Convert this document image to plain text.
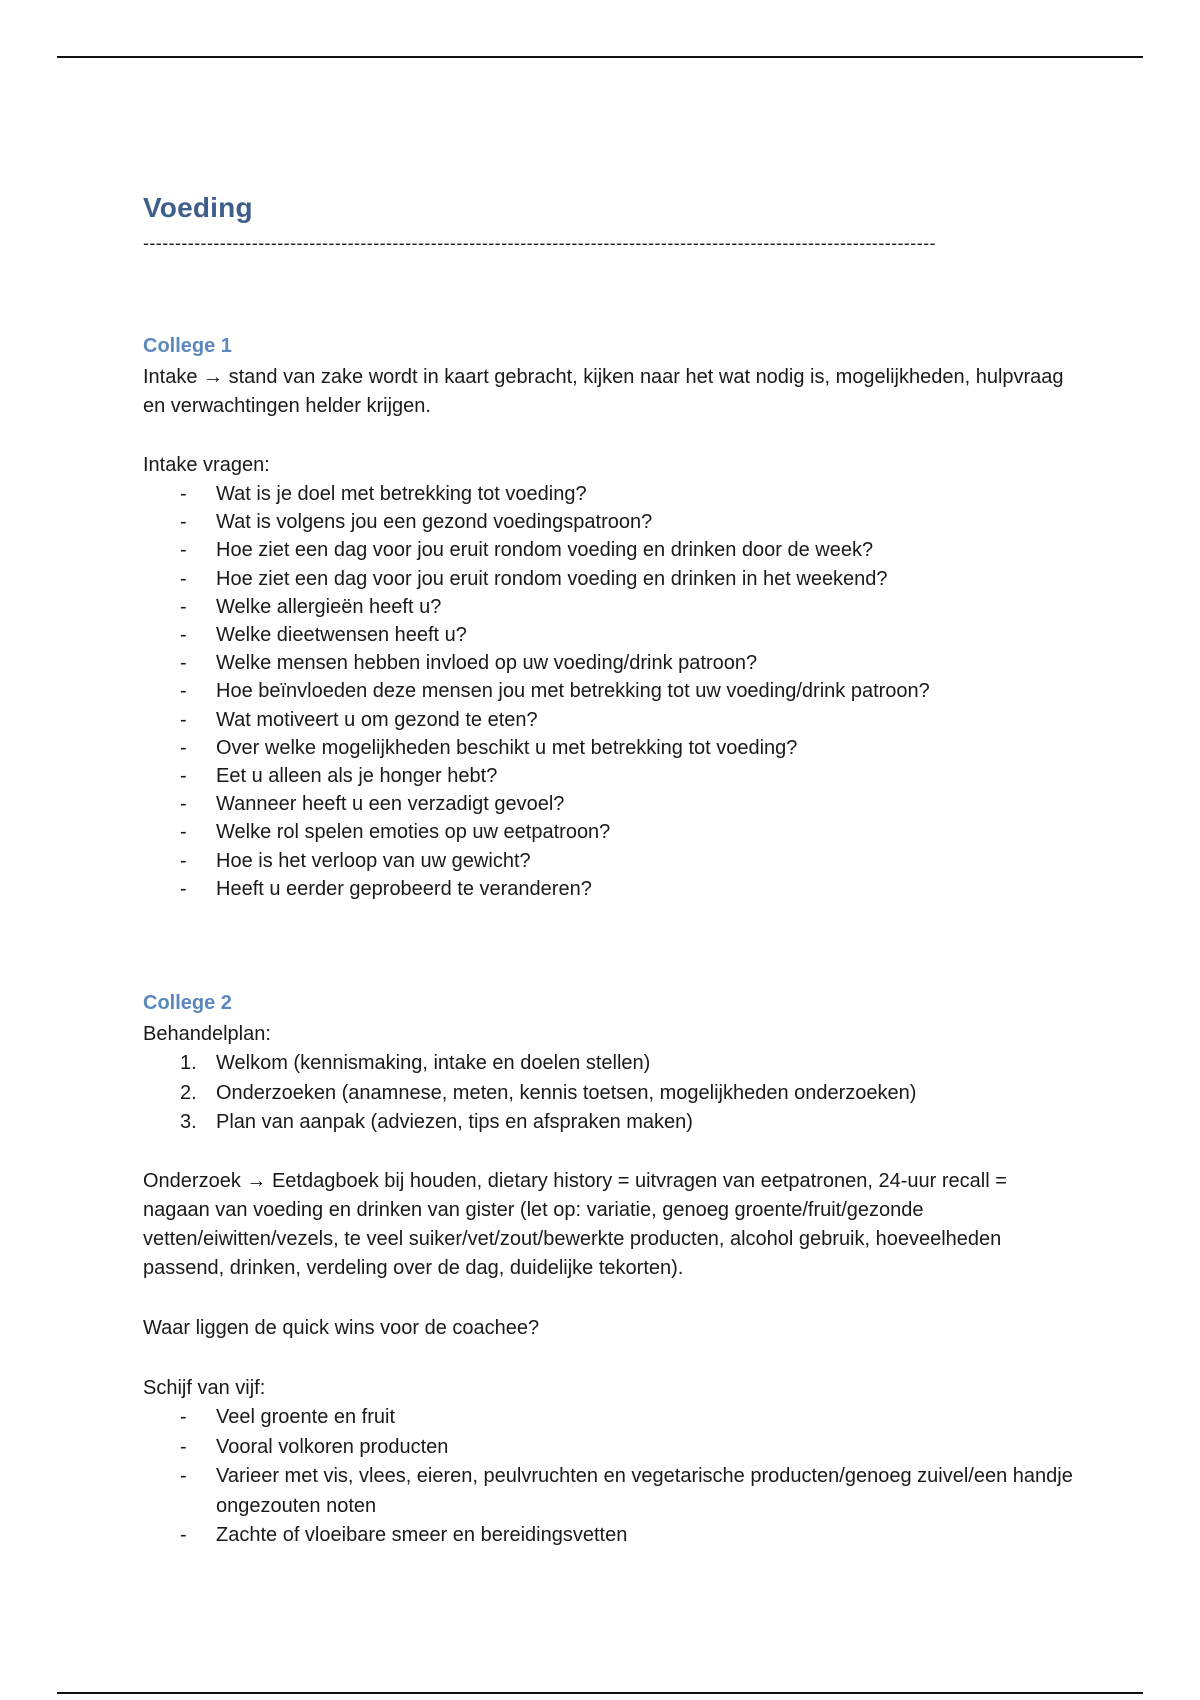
Voeding
----------------------------------------------------------------------------------------------------------------------------
College 1
Intake → stand van zake wordt in kaart gebracht, kijken naar het wat nodig is, mogelijkheden, hulpvraag en verwachtingen helder krijgen.
Intake vragen:
- Wat is je doel met betrekking tot voeding?
- Wat is volgens jou een gezond voedingspatroon?
- Hoe ziet een dag voor jou eruit rondom voeding en drinken door de week?
- Hoe ziet een dag voor jou eruit rondom voeding en drinken in het weekend?
- Welke allergieën heeft u?
- Welke dieetwensen heeft u?
- Welke mensen hebben invloed op uw voeding/drink patroon?
- Hoe beïnvloeden deze mensen jou met betrekking tot uw voeding/drink patroon?
- Wat motiveert u om gezond te eten?
- Over welke mogelijkheden beschikt u met betrekking tot voeding?
- Eet u alleen als je honger hebt?
- Wanneer heeft u een verzadigt gevoel?
- Welke rol spelen emoties op uw eetpatroon?
- Hoe is het verloop van uw gewicht?
- Heeft u eerder geprobeerd te veranderen?
College 2
Behandelplan:
1. Welkom (kennismaking, intake en doelen stellen)
2. Onderzoeken (anamnese, meten, kennis toetsen, mogelijkheden onderzoeken)
3. Plan van aanpak (adviezen, tips en afspraken maken)
Onderzoek → Eetdagboek bij houden, dietary history = uitvragen van eetpatronen, 24-uur recall = nagaan van voeding en drinken van gister (let op: variatie, genoeg groente/fruit/gezonde vetten/eiwitten/vezels, te veel suiker/vet/zout/bewerkte producten, alcohol gebruik, hoeveelheden passend, drinken, verdeling over de dag, duidelijke tekorten).
Waar liggen de quick wins voor de coachee?
Schijf van vijf:
- Veel groente en fruit
- Vooral volkoren producten
- Varieer met vis, vlees, eieren, peulvruchten en vegetarische producten/genoeg zuivel/een handje ongezouten noten
- Zachte of vloeibare smeer en bereidingsvetten
